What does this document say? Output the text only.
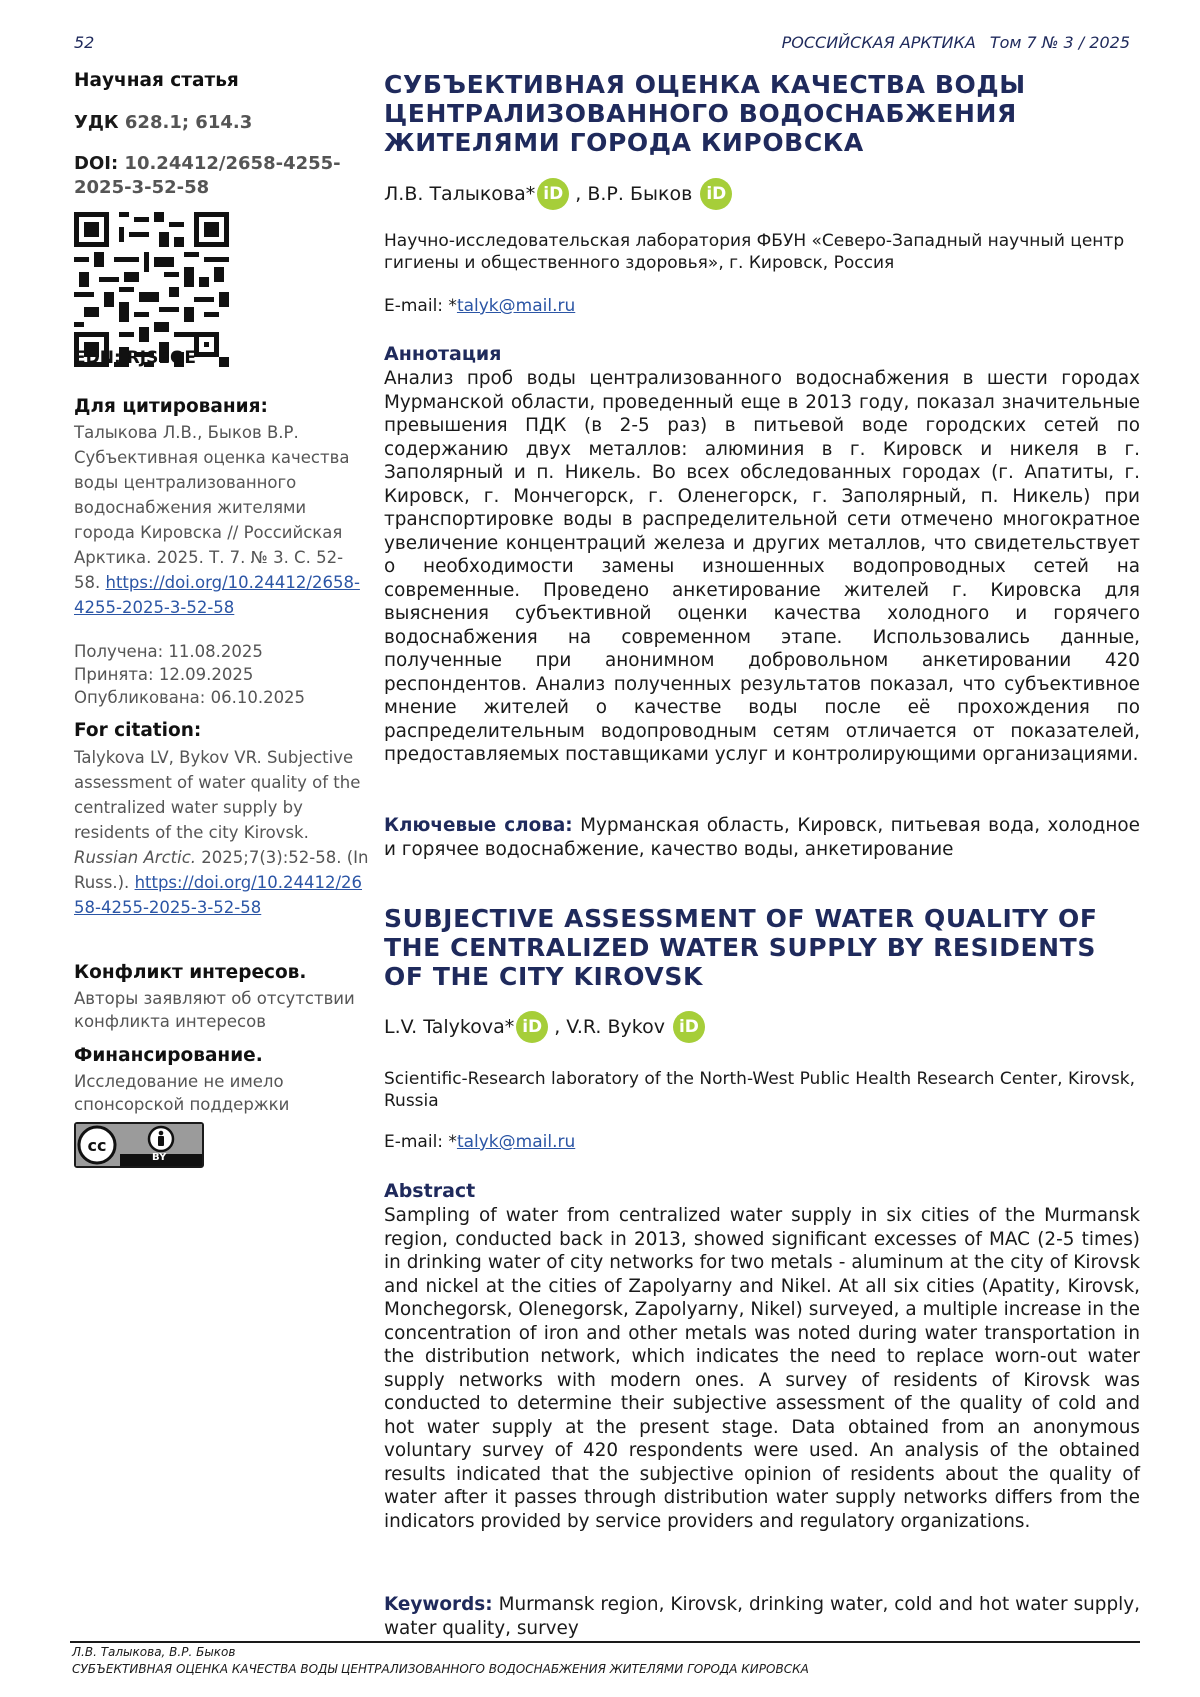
52	РОССИЙСКАЯ АРКТИКА Том 7 № 3 / 2025
Научная статья
УДК 628.1; 614.3
DOI: 10.24412/2658-4255-2025-3-52-58
EDN: RJSEQE
Для цитирования:
Талыкова Л.В., Быков В.Р. Субъективная оценка качества воды централизованного водоснабжения жителями города Кировска // Российская Арктика. 2025. Т. 7. № 3. С. 52-58. https://doi.org/10.24412/2658-4255-2025-3-52-58
Получена: 11.08.2025
Принята: 12.09.2025
Опубликована: 06.10.2025
For citation:
Talykova LV, Bykov VR. Subjective assessment of water quality of the centralized water supply by residents of the city Kirovsk. Russian Arctic. 2025;7(3):52-58. (In Russ.). https://doi.org/10.24412/2658-4255-2025-3-52-58
Конфликт интересов.
Авторы заявляют об отсутствии конфликта интересов
Финансирование.
Исследование не имело спонсорской поддержки
cc
BY
СУБЪЕКТИВНАЯ ОЦЕНКА КАЧЕСТВА ВОДЫ ЦЕНТРАЛИЗОВАННОГО ВОДОСНАБЖЕНИЯ ЖИТЕЛЯМИ ГОРОДА КИРОВСКА
Л.В. Талыкова* iD , В.Р. Быков iD
Научно-исследовательская лаборатория ФБУН «Северо-Западный научный центр гигиены и общественного здоровья», г. Кировск, Россия
E-mail: *talyk@mail.ru
Аннотация
Анализ проб воды централизованного водоснабжения в шести городах Мурманской области, проведенный еще в 2013 году, показал значительные превышения ПДК (в 2-5 раз) в питьевой воде городских сетей по содержанию двух металлов: алюминия в г. Кировск и никеля в г. Заполярный и п. Никель. Во всех обследованных городах (г. Апатиты, г. Кировск, г. Мончегорск, г. Оленегорск, г. Заполярный, п. Никель) при транспортировке воды в распределительной сети отмечено многократное увеличение концентраций железа и других металлов, что свидетельствует о необходимости замены изношенных водопроводных сетей на современные. Проведено анкетирование жителей г. Кировска для выяснения субъективной оценки качества холодного и горячего водоснабжения на современном этапе. Использовались данные, полученные при анонимном добровольном анкетировании 420 респондентов. Анализ полученных результатов показал, что субъективное мнение жителей о качестве воды после её прохождения по распределительным водопроводным сетям отличается от показателей, предоставляемых поставщиками услуг и контролирующими организациями.
Ключевые слова: Мурманская область, Кировск, питьевая вода, холодное и горячее водоснабжение, качество воды, анкетирование
SUBJECTIVE ASSESSMENT OF WATER QUALITY OF THE CENTRALIZED WATER SUPPLY BY RESIDENTS OF THE CITY KIROVSK
L.V. Talykova* iD , V.R. Bykov iD
Scientific-Research laboratory of the North-West Public Health Research Center, Kirovsk, Russia
E-mail: *talyk@mail.ru
Abstract
Sampling of water from centralized water supply in six cities of the Murmansk region, conducted back in 2013, showed significant excesses of MAC (2-5 times) in drinking water of city networks for two metals - aluminum at the city of Kirovsk and nickel at the cities of Zapolyarny and Nikel. At all six cities (Apatity, Kirovsk, Monchegorsk, Olenegorsk, Zapolyarny, Nikel) surveyed, a multiple increase in the concentration of iron and other metals was noted during water transportation in the distribution network, which indicates the need to replace worn-out water supply networks with modern ones. A survey of residents of Kirovsk was conducted to determine their subjective assessment of the quality of cold and hot water supply at the present stage. Data obtained from an anonymous voluntary survey of 420 respondents were used. An analysis of the obtained results indicated that the subjective opinion of residents about the quality of water after it passes through distribution water supply networks differs from the indicators provided by service providers and regulatory organizations.
Keywords: Murmansk region, Kirovsk, drinking water, cold and hot water supply, water quality, survey
Л.В. Талыкова, В.Р. Быков
СУБЪЕКТИВНАЯ ОЦЕНКА КАЧЕСТВА ВОДЫ ЦЕНТРАЛИЗОВАННОГО ВОДОСНАБЖЕНИЯ ЖИТЕЛЯМИ ГОРОДА КИРОВСКА
